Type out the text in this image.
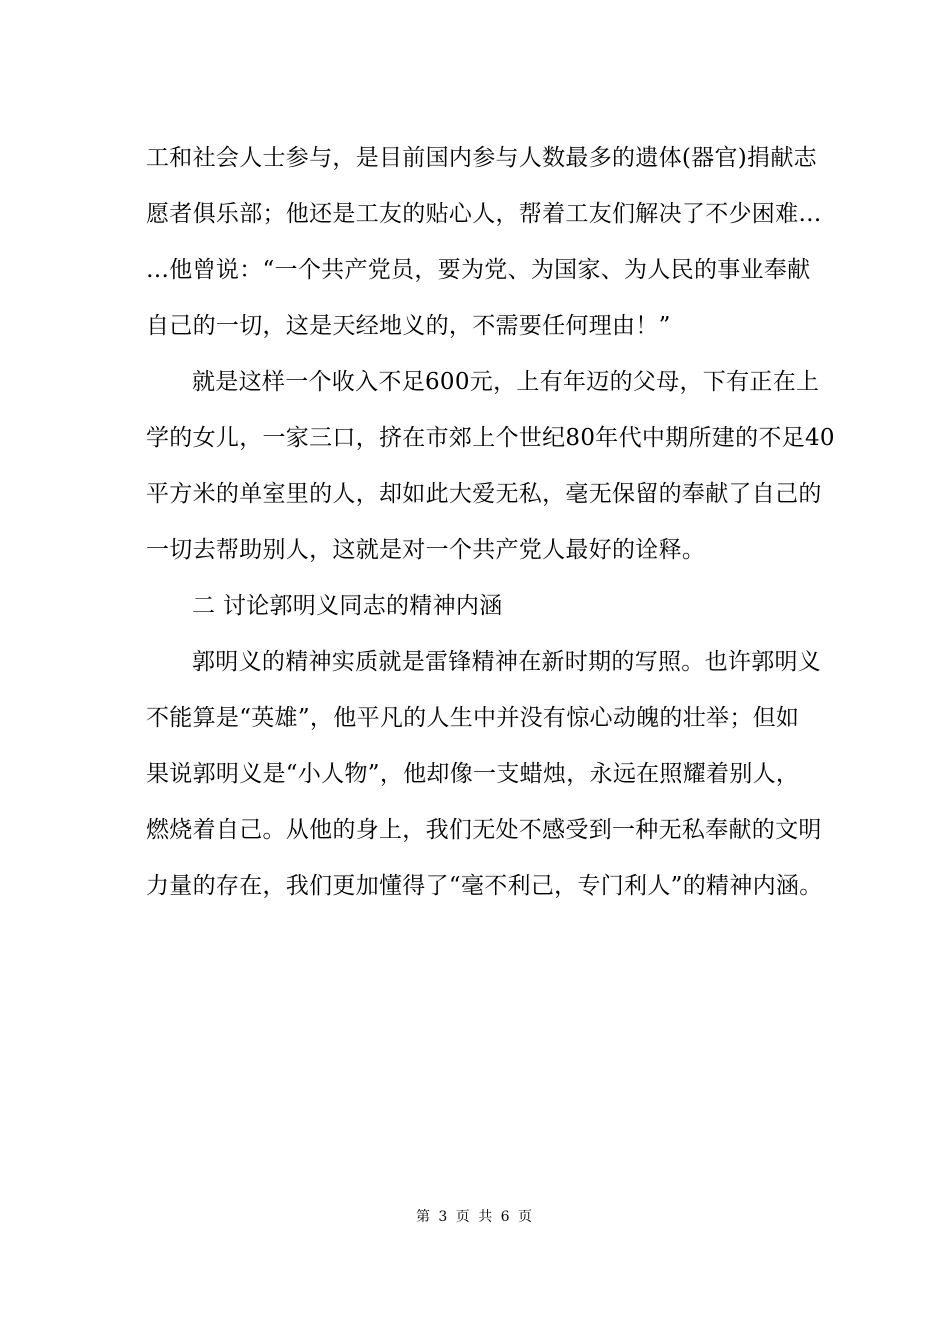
工和社会人士参与，是目前国内参与人数最多的遗体(器官)捐献志
愿者俱乐部；他还是工友的贴心人，帮着工友们解决了不少困难…
…他曾说：“一个共产党员，要为党、为国家、为人民的事业奉献
自己的一切，这是天经地义的，不需要任何理由！”
就是这样一个收入不足600元，上有年迈的父母，下有正在上
学的女儿，一家三口，挤在市郊上个世纪80年代中期所建的不足40
平方米的单室里的人，却如此大爱无私，毫无保留的奉献了自己的
一切去帮助别人，这就是对一个共产党人最好的诠释。
二 讨论郭明义同志的精神内涵
郭明义的精神实质就是雷锋精神在新时期的写照。也许郭明义
不能算是“英雄”，他平凡的人生中并没有惊心动魄的壮举；但如
果说郭明义是“小人物”，他却像一支蜡烛，永远在照耀着别人，
燃烧着自己。从他的身上，我们无处不感受到一种无私奉献的文明
力量的存在，我们更加懂得了“毫不利己，专门利人”的精神内涵。
第 3 页 共 6 页
